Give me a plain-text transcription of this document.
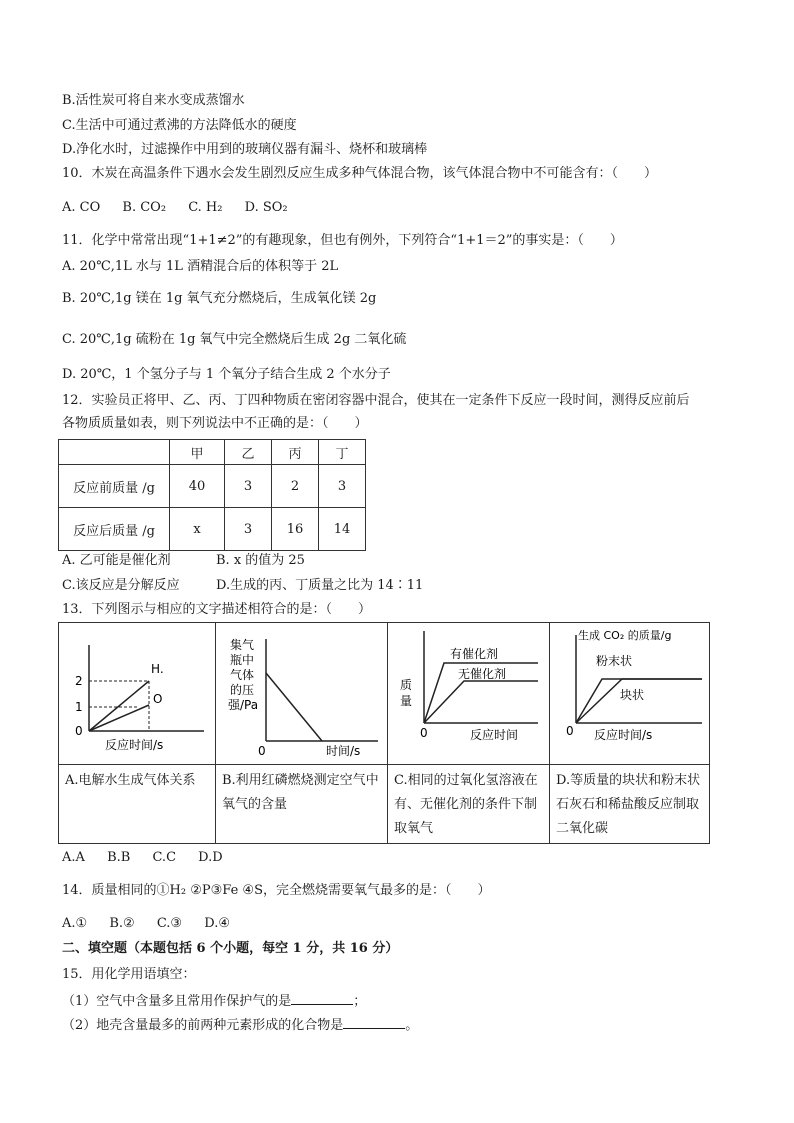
B.活性炭可将自来水变成蒸馏水
C.生活中可通过煮沸的方法降低水的硬度
D.净化水时，过滤操作中用到的玻璃仪器有漏斗、烧杯和玻璃棒
10．木炭在高温条件下遇水会发生剧烈反应生成多种气体混合物，该气体混合物中不可能含有：（　　）
A. CO B. CO₂ C. H₂ D. SO₂
11．化学中常常出现“1+1≠2”的有趣现象，但也有例外，下列符合“1+1＝2”的事实是：（　　）
A. 20℃,1L 水与 1L 酒精混合后的体积等于 2L
B. 20℃,1g 镁在 1g 氧气充分燃烧后，生成氧化镁 2g
C. 20℃,1g 硫粉在 1g 氧气中完全燃烧后生成 2g 二氧化硫
D. 20℃，1 个氢分子与 1 个氧分子结合生成 2 个水分子
12．实验员正将甲、乙、丙、丁四种物质在密闭容器中混合，使其在一定条件下反应一段时间，测得反应前后
各物质质量如表，则下列说法中不正确的是：（　　）
	甲	乙	丙	丁
反应前质量 /g	40	3	2	3
反应后质量 /g	x	3	16	14
A. 乙可能是催化剂	B. x 的值为 25
C.该反应是分解反应	D.生成的丙、丁质量之比为 14∶11
13．下列图示与相应的文字描述相符合的是：（　　）
2
1
0
H.
O
反应时间/s
A.电解水生成气体关系
集气
瓶中
气体
的压
强/Pa
0	时间/s
B.利用红磷燃烧测定空气中氧气的含量
有催化剂
无催化剂
质
量
0	反应时间
C.相同的过氧化氢溶液在有、无催化剂的条件下制取氧气
生成 CO₂ 的质量/g
粉末状
块状
0 反应时间/s
D.等质量的块状和粉末状石灰石和稀盐酸反应制取二氧化碳
A.A B.B C.C D.D
14．质量相同的①H₂ ②P③Fe ④S，完全燃烧需要氧气最多的是：（　　）
A.① B.② C.③ D.④
二、填空题（本题包括 6 个小题，每空 1 分，共 16 分）
15．用化学用语填空：
（1）空气中含量多且常用作保护气的是	；
（2）地壳含量最多的前两种元素形成的化合物是	。
